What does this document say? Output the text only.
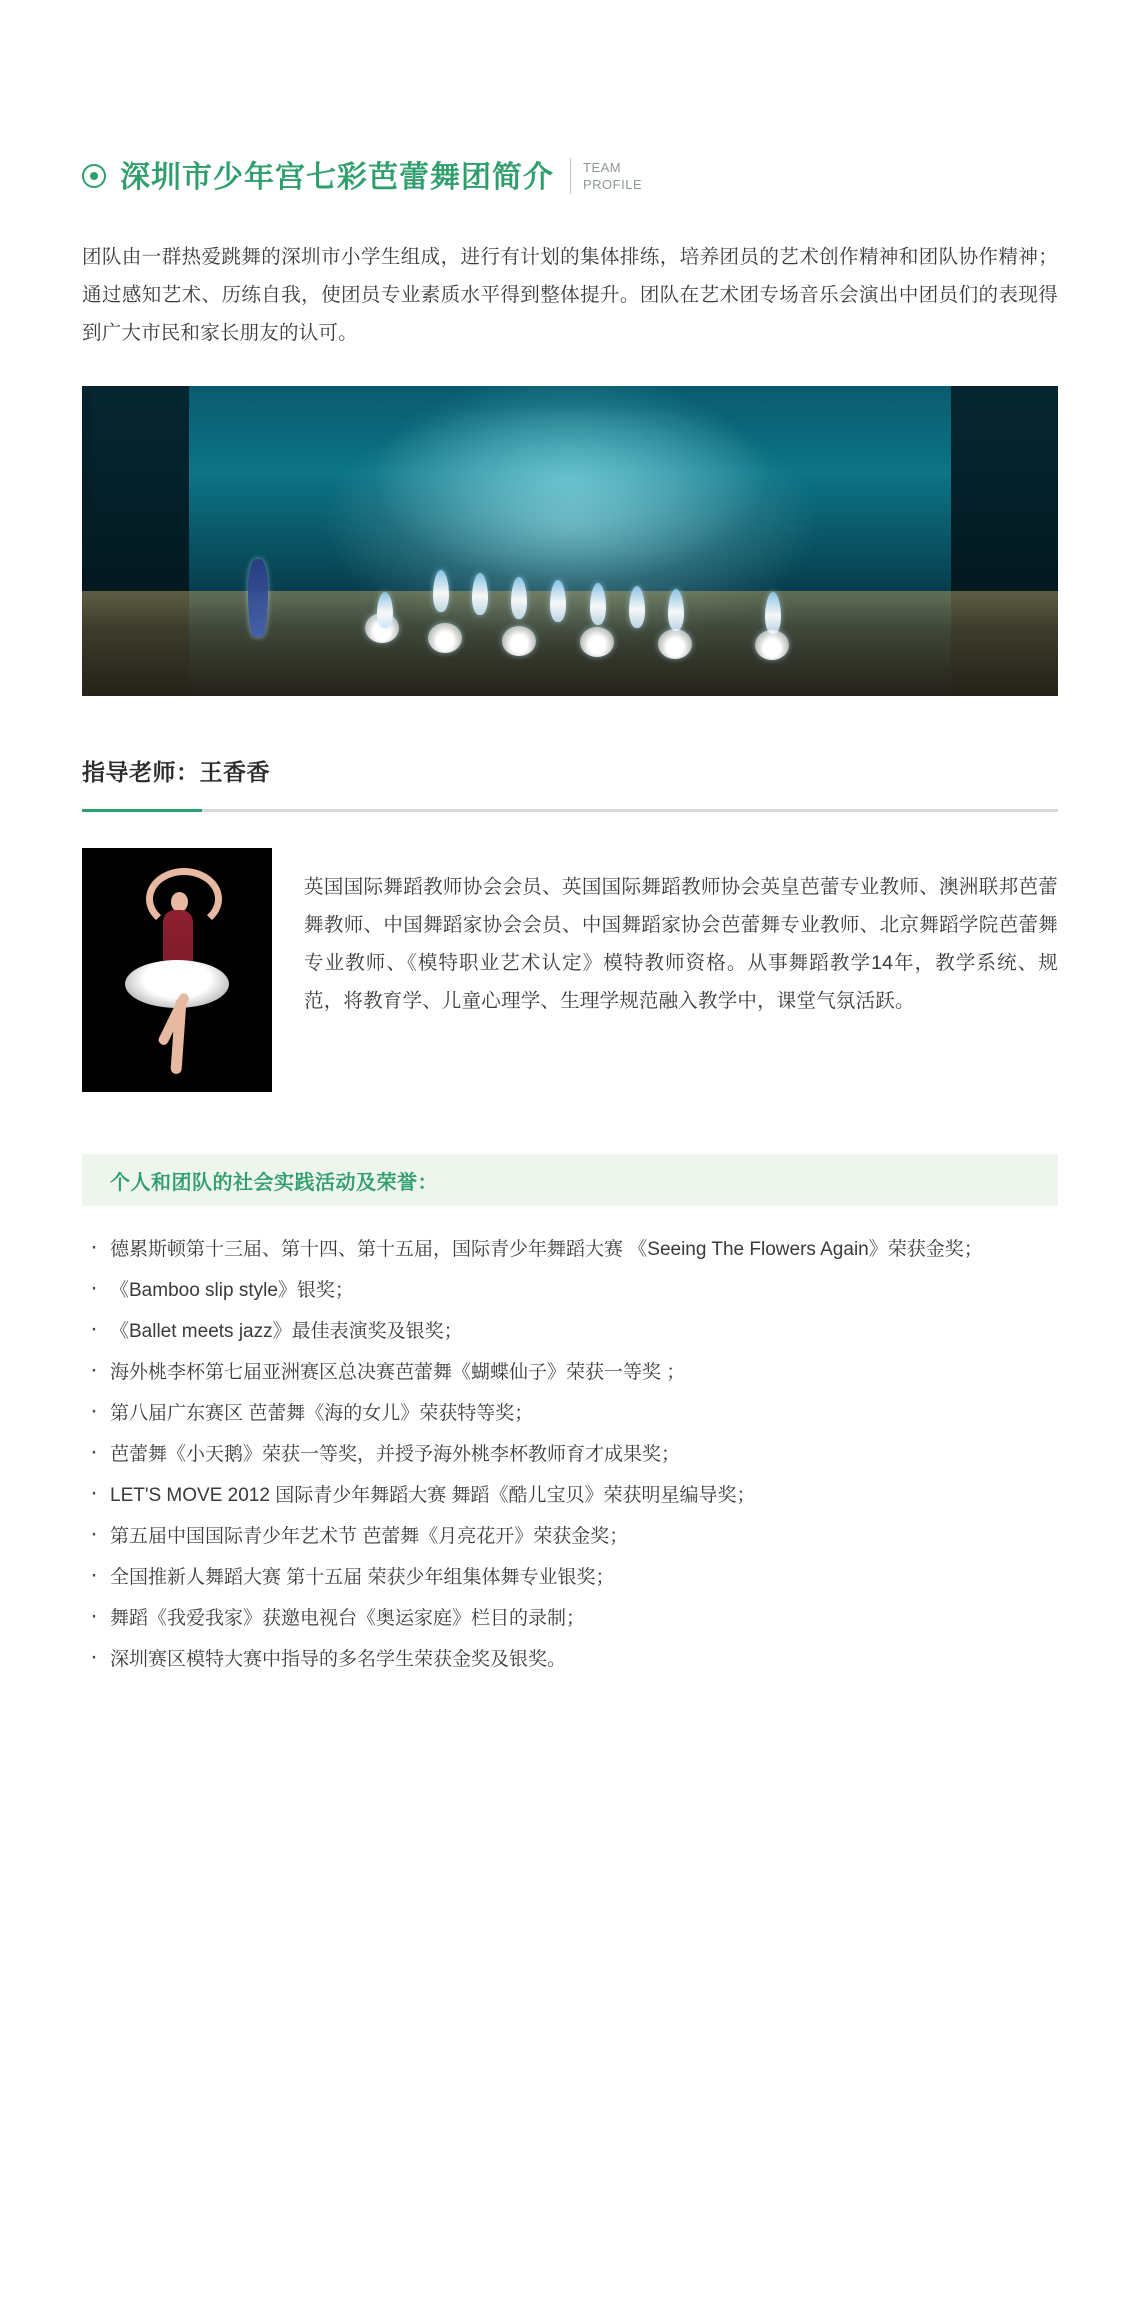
深圳市少年宫七彩芭蕾舞团简介 TEAM
PROFILE

团队由一群热爱跳舞的深圳市小学生组成，进行有计划的集体排练，培养团员的艺术创作精神和团队协作精神；通过感知艺术、历练自我，使团员专业素质水平得到整体提升。团队在艺术团专场音乐会演出中团员们的表现得到广大市民和家长朋友的认可。

指导老师：王香香

英国国际舞蹈教师协会会员、英国国际舞蹈教师协会英皇芭蕾专业教师、澳洲联邦芭蕾舞教师、中国舞蹈家协会会员、中国舞蹈家协会芭蕾舞专业教师、北京舞蹈学院芭蕾舞专业教师、《模特职业艺术认定》模特教师资格。从事舞蹈教学14年，教学系统、规范，将教育学、儿童心理学、生理学规范融入教学中，课堂气氛活跃。

个人和团队的社会实践活动及荣誉：
· 德累斯顿第十三届、第十四、第十五届，国际青少年舞蹈大赛 《Seeing The Flowers Again》荣获金奖；
· 《Bamboo slip style》银奖；
· 《Ballet meets jazz》最佳表演奖及银奖；
· 海外桃李杯第七届亚洲赛区总决赛芭蕾舞《蝴蝶仙子》荣获一等奖 ；
· 第八届广东赛区 芭蕾舞《海的女儿》荣获特等奖；
· 芭蕾舞《小天鹅》荣获一等奖，并授予海外桃李杯教师育才成果奖；
· LET'S MOVE 2012 国际青少年舞蹈大赛 舞蹈《酷儿宝贝》荣获明星编导奖；
· 第五届中国国际青少年艺术节 芭蕾舞《月亮花开》荣获金奖；
· 全国推新人舞蹈大赛 第十五届 荣获少年组集体舞专业银奖；
· 舞蹈《我爱我家》获邀电视台《奥运家庭》栏目的录制；
· 深圳赛区模特大赛中指导的多名学生荣获金奖及银奖。
